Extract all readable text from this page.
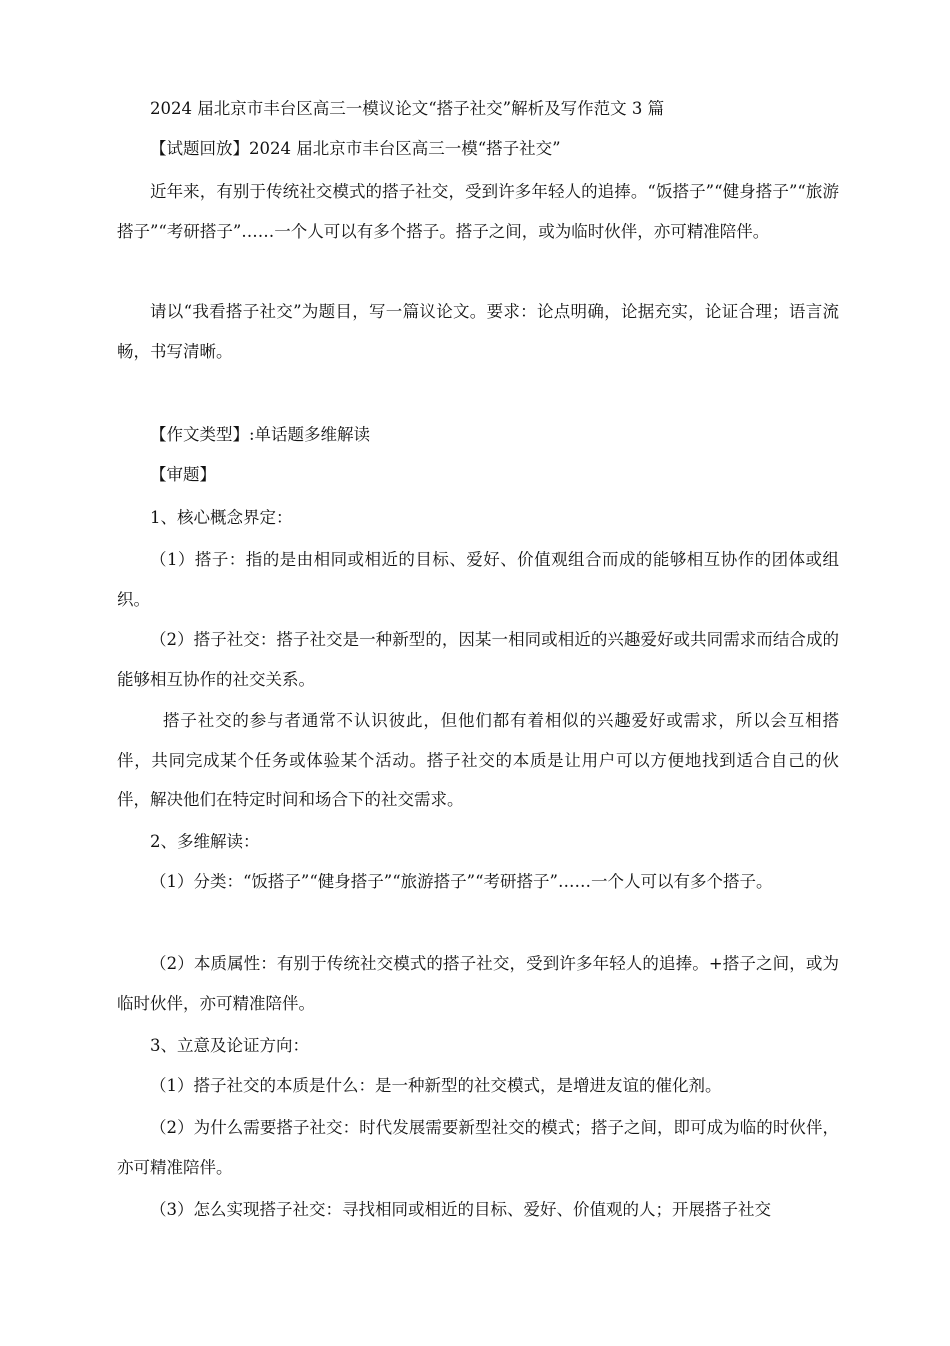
2024 届北京市丰台区高三一模议论文“搭子社交”解析及写作范文 3 篇

【试题回放】2024 届北京市丰台区高三一模“搭子社交”

近年来，有别于传统社交模式的搭子社交，受到许多年轻人的追捧。“饭搭子”“健身搭子”“旅游搭子”“考研搭子”……一个人可以有多个搭子。搭子之间，或为临时伙伴，亦可精准陪伴。

请以“我看搭子社交”为题目，写一篇议论文。要求：论点明确，论据充实，论证合理；语言流畅，书写清晰。

【作文类型】:单话题多维解读

【审题】

1、核心概念界定：

（1）搭子：指的是由相同或相近的目标、爱好、价值观组合而成的能够相互协作的团体或组织。

（2）搭子社交：搭子社交是一种新型的，因某一相同或相近的兴趣爱好或共同需求而结合成的能够相互协作的社交关系。

搭子社交的参与者通常不认识彼此，但他们都有着相似的兴趣爱好或需求，所以会互相搭伴，共同完成某个任务或体验某个活动。搭子社交的本质是让用户可以方便地找到适合自己的伙伴，解决他们在特定时间和场合下的社交需求。

2、多维解读：

（1）分类：“饭搭子”“健身搭子”“旅游搭子”“考研搭子”……一个人可以有多个搭子。

（2）本质属性：有别于传统社交模式的搭子社交，受到许多年轻人的追捧。+搭子之间，或为临时伙伴，亦可精准陪伴。

3、立意及论证方向：

（1）搭子社交的本质是什么：是一种新型的社交模式，是增进友谊的催化剂。

（2）为什么需要搭子社交：时代发展需要新型社交的模式；搭子之间，即可成为临的时伙伴，亦可精准陪伴。

（3）怎么实现搭子社交：寻找相同或相近的目标、爱好、价值观的人；开展搭子社交
